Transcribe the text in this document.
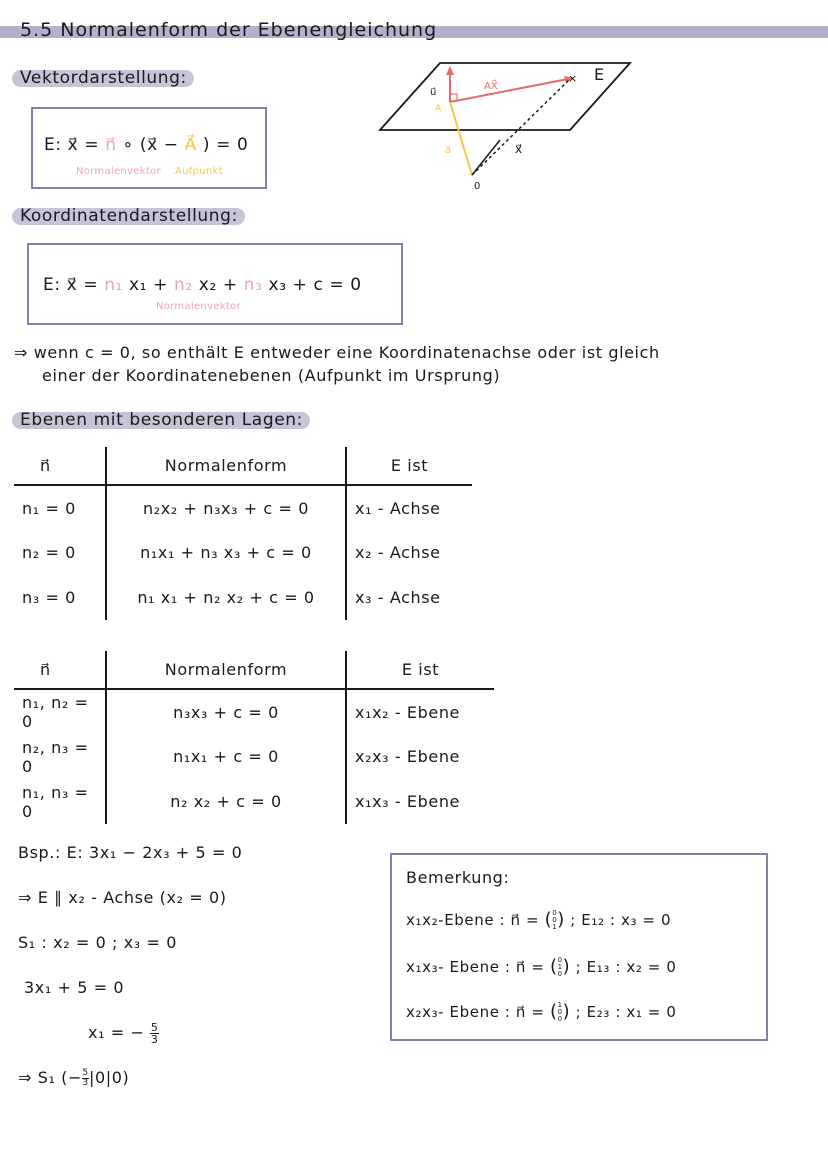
5.5 Normalenform der Ebenengleichung
Vektordarstellung:
E: x⃗ = n⃗ ∘ (x⃗ − A⃗ ) = 0
Normalenvektor Aufpunkt
u⃗
AX⃗
A
a⃗	x⃗
× E
0
Koordinatendarstellung:
E: x⃗ = n₁ x₁ + n₂ x₂ + n₃ x₃ + c = 0
Normalenvektor
⇒ wenn c = 0, so enthält E entweder eine Koordinatenachse oder ist gleich
einer der Koordinatenebenen (Aufpunkt im Ursprung)
Ebenen mit besonderen Lagen:
n⃗	Normalenform	E ist
n₁ = 0	n₂x₂ + n₃x₃ + c = 0	x₁ - Achse
n₂ = 0	n₁x₁ + n₃ x₃ + c = 0	x₂ - Achse
n₃ = 0	n₁ x₁ + n₂ x₂ + c = 0	x₃ - Achse
n⃗	Normalenform	E ist
n₁, n₂ = 0	n₃x₃ + c = 0	x₁x₂ - Ebene
n₂, n₃ = 0	n₁x₁ + c = 0	x₂x₃ - Ebene
n₁, n₃ = 0	n₂ x₂ + c = 0	x₁x₃ - Ebene
Bsp.: E: 3x₁ − 2x₃ + 5 = 0
⇒ E ∥ x₂ - Achse (x₂ = 0)
S₁ : x₂ = 0 ; x₃ = 0
3x₁ + 5 = 0
x₁ = − $\frac{5}{3}$
⇒ S₁ (− $\frac{5}{3} |0|0$)
Bemerkung:
x₁x₂-Ebene : n⃗ = ( 0
0
1 ) ; E₁₂ : x₃ = 0
x₁x₃- Ebene : n⃗ = ( 0
1
0 ) ; E₁₃ : x₂ = 0
x₂x₃- Ebene : n⃗ = ( 1
0
0 ) ; E₂₃ : x₁ = 0
